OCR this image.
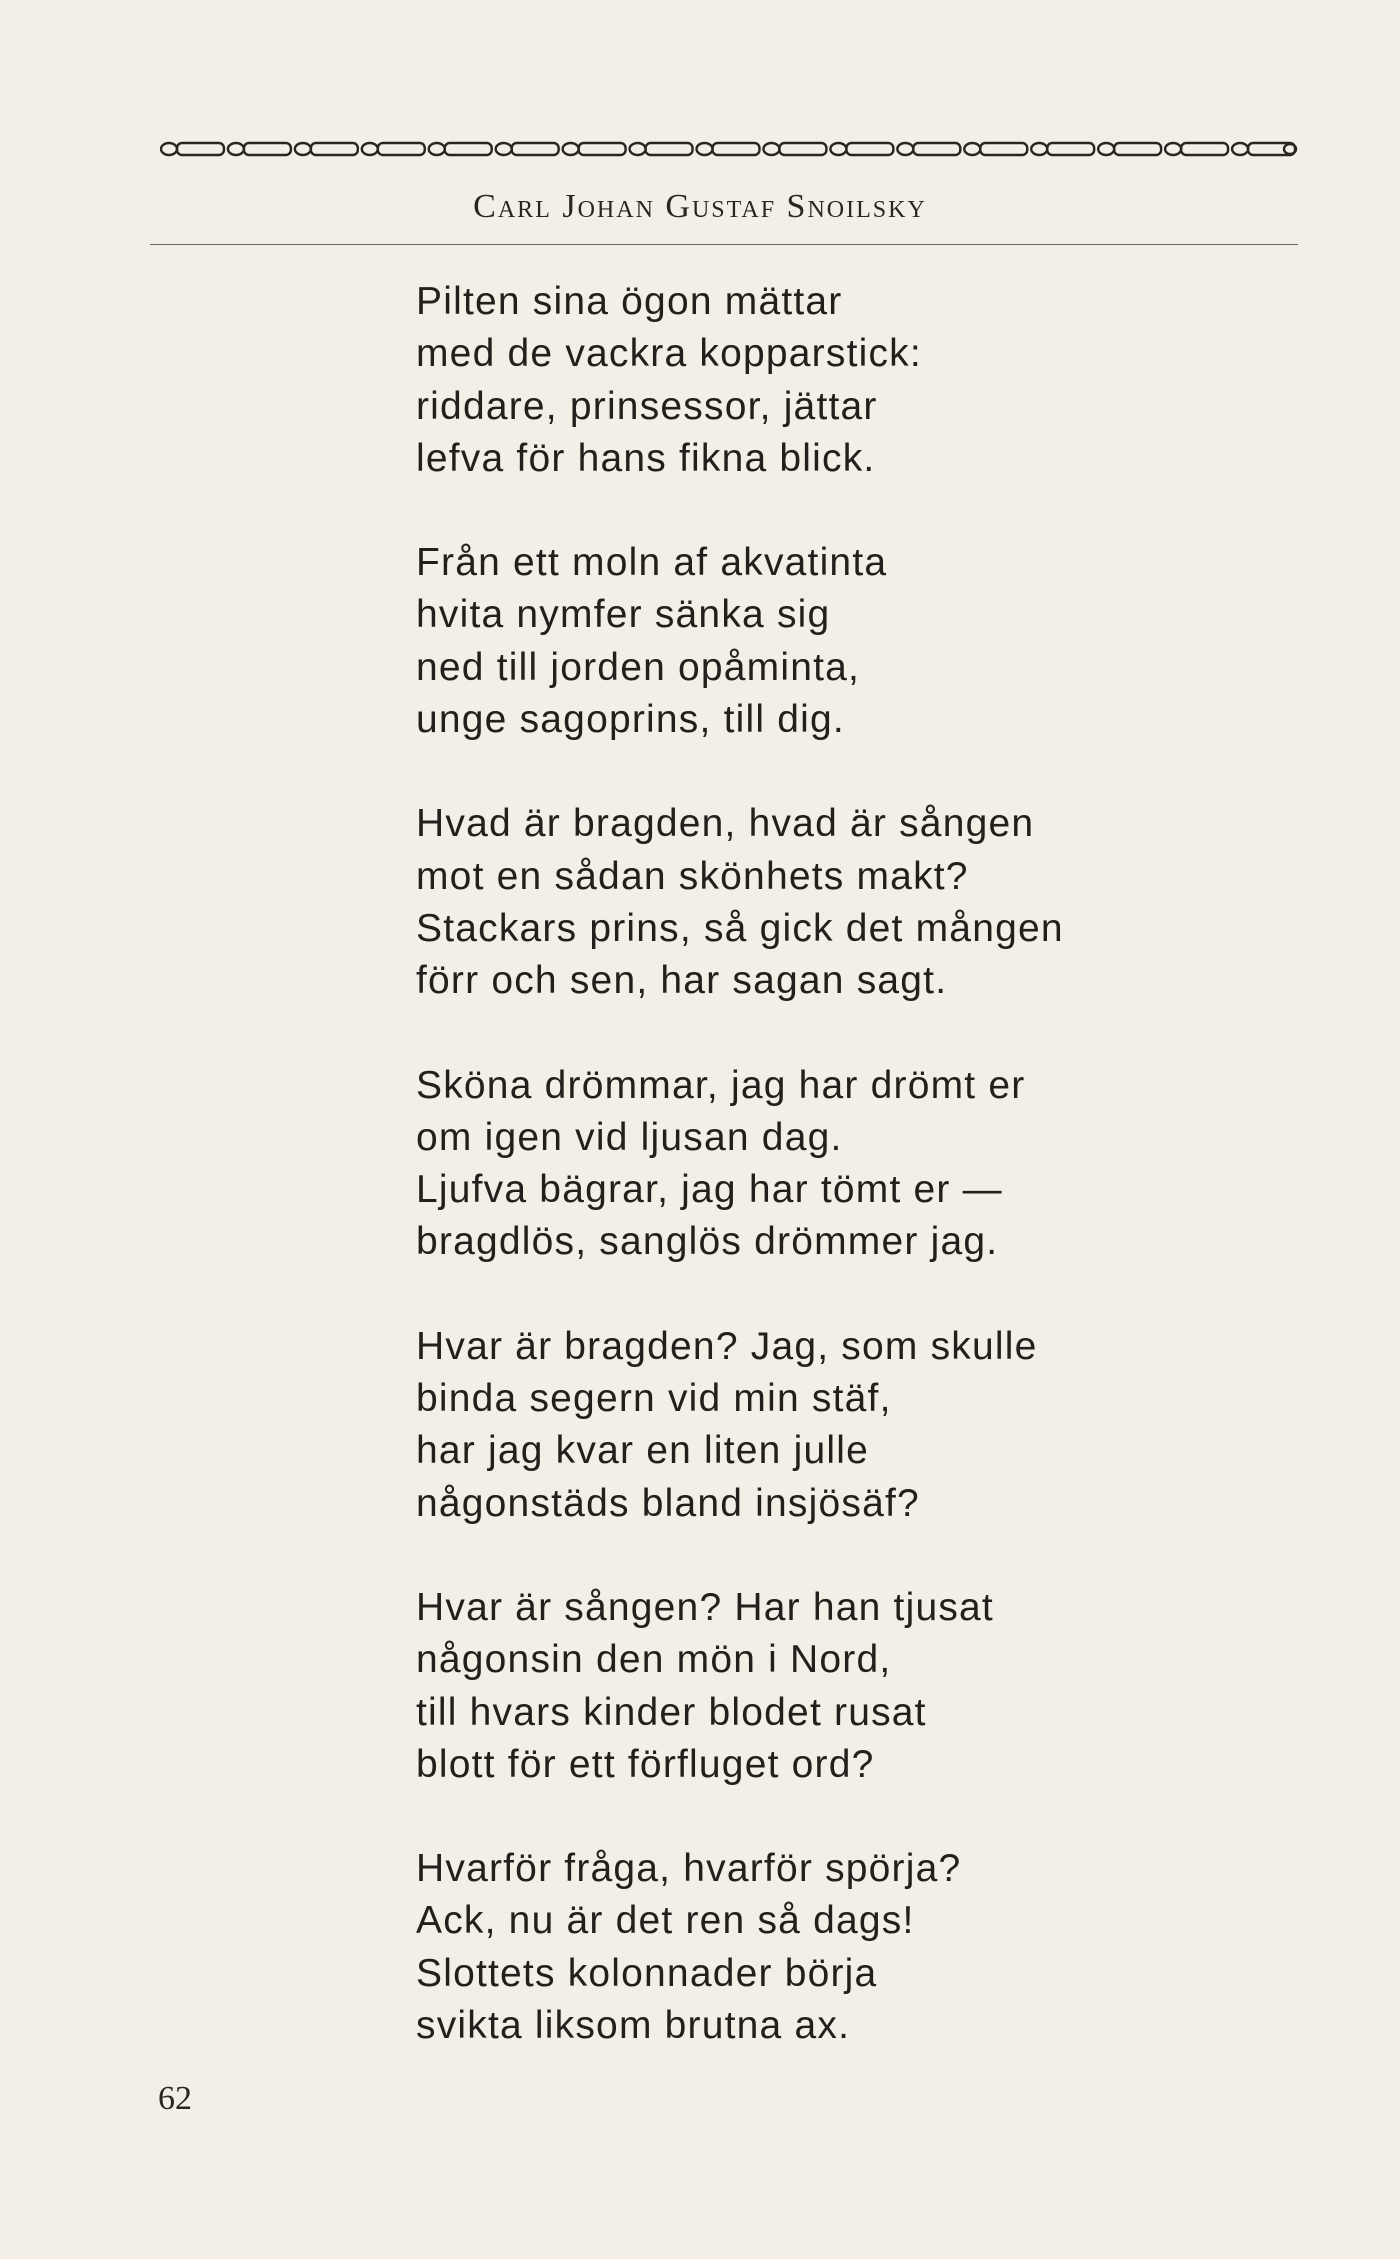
Carl Johan Gustaf Snoilsky
Pilten sina ögon mättar
med de vackra kopparstick:
riddare, prinsessor, jättar
lefva för hans fikna blick.
Från ett moln af akvatinta
hvita nymfer sänka sig
ned till jorden opåminta,
unge sagoprins, till dig.
Hvad är bragden, hvad är sången
mot en sådan skönhets makt?
Stackars prins, så gick det mången
förr och sen, har sagan sagt.
Sköna drömmar, jag har drömt er
om igen vid ljusan dag.
Ljufva bägrar, jag har tömt er —
bragdlös, sanglös drömmer jag.
Hvar är bragden? Jag, som skulle
binda segern vid min stäf,
har jag kvar en liten julle
någonstäds bland insjösäf?
Hvar är sången? Har han tjusat
någonsin den mön i Nord,
till hvars kinder blodet rusat
blott för ett förfluget ord?
Hvarför fråga, hvarför spörja?
Ack, nu är det ren så dags!
Slottets kolonnader börja
svikta liksom brutna ax.
62
